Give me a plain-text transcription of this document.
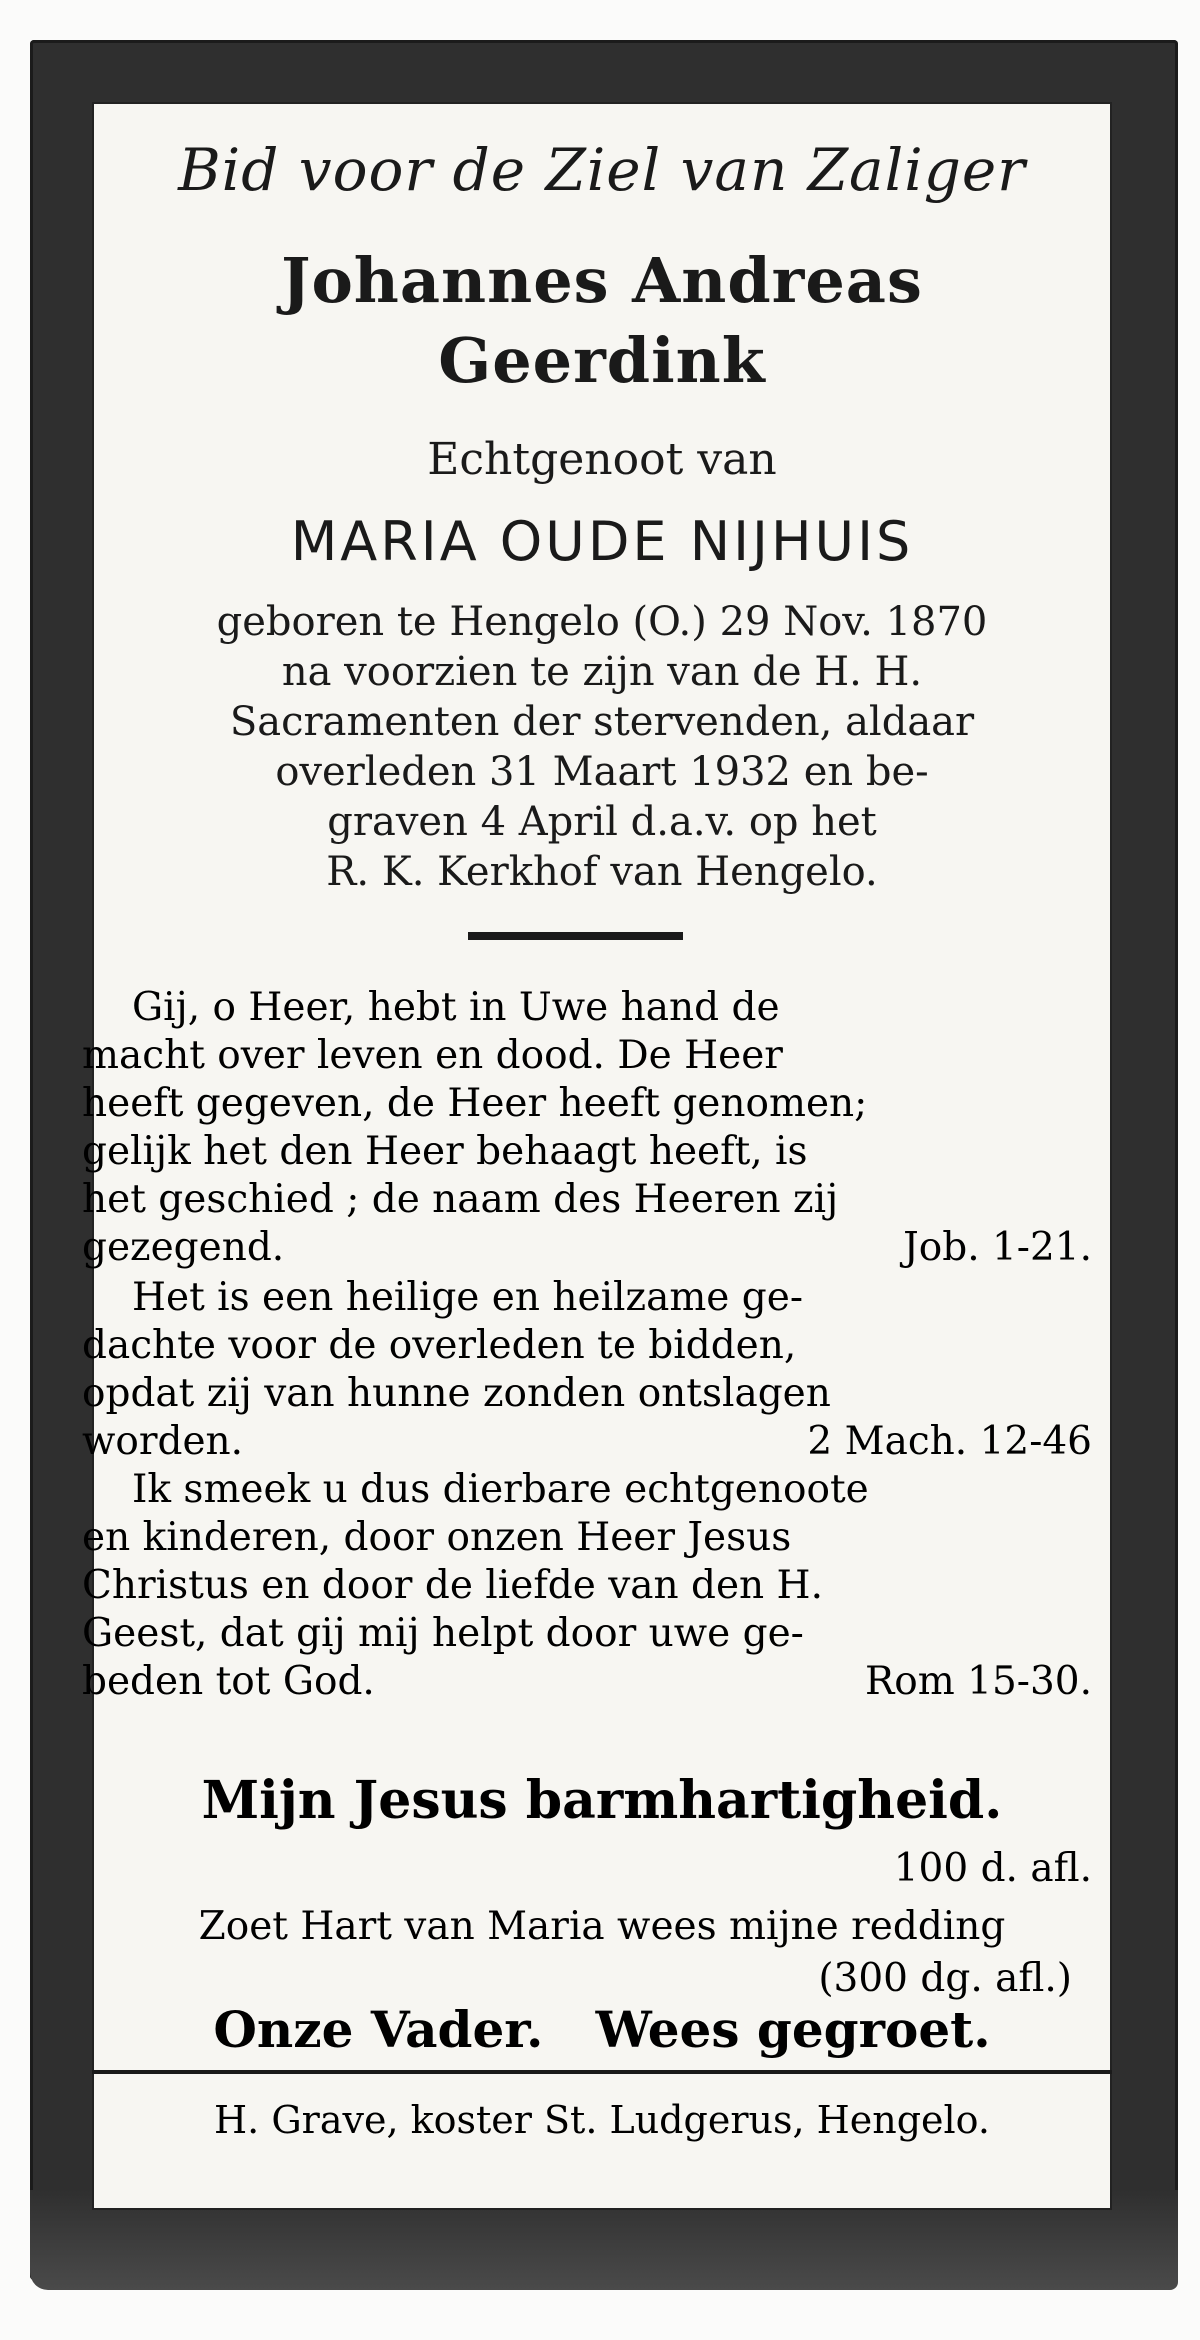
Bid voor de Ziel van Zaliger
Johannes Andreas
Geerdink
Echtgenoot van
MARIA OUDE NIJHUIS
geboren te Hengelo (O.) 29 Nov. 1870
na voorzien te zijn van de H. H.
Sacramenten der stervenden, aldaar
overleden 31 Maart 1932 en be-
graven 4 April d.a.v. op het
R. K. Kerkhof van Hengelo.
Gij, o Heer, hebt in Uwe hand de
macht over leven en dood. De Heer
heeft gegeven, de Heer heeft genomen;
gelijk het den Heer behaagt heeft, is
het geschied ; de naam des Heeren zij
gezegend.	Job. 1-21.
Het is een heilige en heilzame ge-
dachte voor de overleden te bidden,
opdat zij van hunne zonden ontslagen
worden.	2 Mach. 12-46
Ik smeek u dus dierbare echtgenoote
en kinderen, door onzen Heer Jesus
Christus en door de liefde van den H.
Geest, dat gij mij helpt door uwe ge-
beden tot God.	Rom 15-30.
Mijn Jesus barmhartigheid.
100 d. afl.
Zoet Hart van Maria wees mijne redding
(300 dg. afl.)
Onze Vader.   Wees gegroet.
H. Grave, koster St. Ludgerus, Hengelo.
